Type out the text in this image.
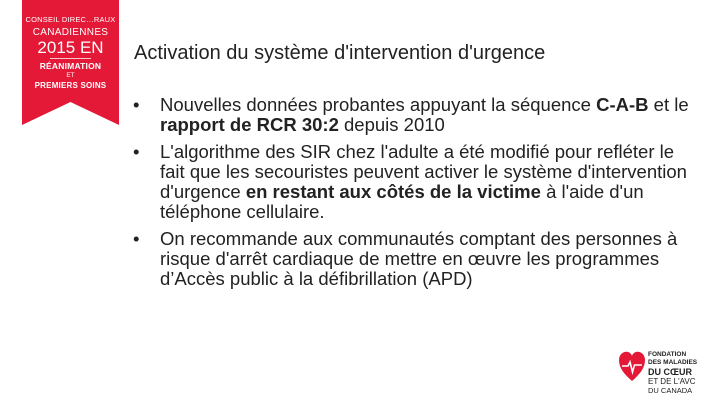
CONSEIL DIREC…RAUX
CANADIENNES
2015 EN
RÉANIMATION
ET
PREMIERS SOINS
Activation du système d'intervention d'urgence
• Nouvelles données probantes appuyant la séquence C-A-B et le rapport de RCR 30:2 depuis 2010
• L'algorithme des SIR chez l'adulte a été modifié pour refléter le fait que les secouristes peuvent activer le système d'intervention d'urgence en restant aux côtés de la victime à l'aide d'un téléphone cellulaire.
• On recommande aux communautés comptant des personnes à risque d'arrêt cardiaque de mettre en œuvre les programmes d’Accès public à la défibrillation (APD)
FONDATION
DES MALADIES
DU CŒUR
ET DE L'AVC
DU CANADA
